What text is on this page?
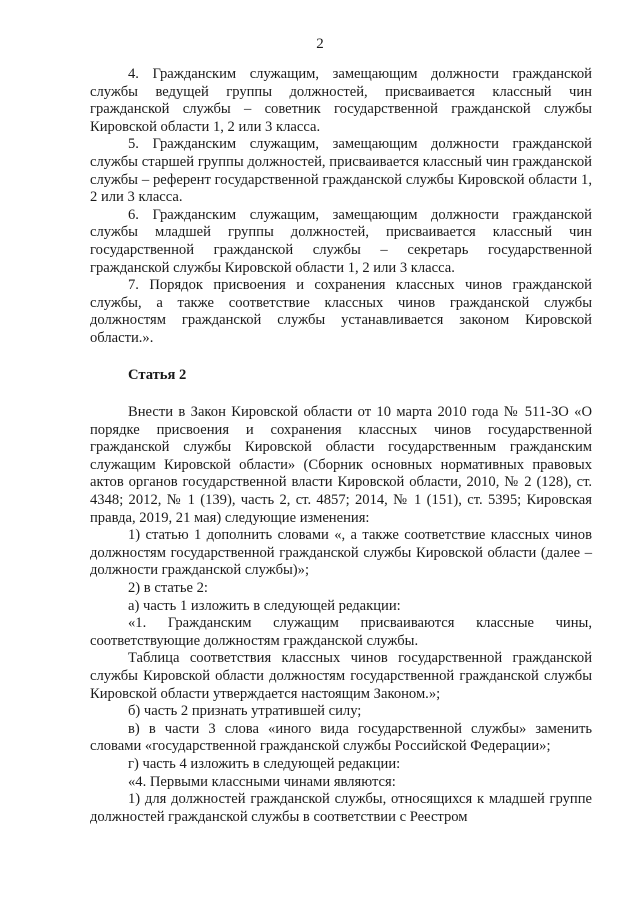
2

4. Гражданским служащим, замещающим должности гражданской службы ведущей группы должностей, присваивается классный чин гражданской службы – советник государственной гражданской службы Кировской области 1, 2 или 3 класса.

5. Гражданским служащим, замещающим должности гражданской службы старшей группы должностей, присваивается классный чин гражданской службы – референт государственной гражданской службы Кировской области 1, 2 или 3 класса.

6. Гражданским служащим, замещающим должности гражданской службы младшей группы должностей, присваивается классный чин государственной гражданской службы – секретарь государственной гражданской службы Кировской области 1, 2 или 3 класса.

7. Порядок присвоения и сохранения классных чинов гражданской службы, а также соответствие классных чинов гражданской службы должностям гражданской службы устанавливается законом Кировской области.».

Статья 2

Внести в Закон Кировской области от 10 марта 2010 года № 511-ЗО «О порядке присвоения и сохранения классных чинов государственной гражданской службы Кировской области государственным гражданским служащим Кировской области» (Сборник основных нормативных правовых актов органов государственной власти Кировской области, 2010, № 2 (128), ст. 4348; 2012, № 1 (139), часть 2, ст. 4857; 2014, № 1 (151), ст. 5395; Кировская правда, 2019, 21 мая) следующие изменения:

1) статью 1 дополнить словами «, а также соответствие классных чинов должностям государственной гражданской службы Кировской области (далее – должности гражданской службы)»;

2) в статье 2:

а) часть 1 изложить в следующей редакции:

«1. Гражданским служащим присваиваются классные чины, соответствующие должностям гражданской службы.

Таблица соответствия классных чинов государственной гражданской службы Кировской области должностям государственной гражданской службы Кировской области утверждается настоящим Законом.»;

б) часть 2 признать утратившей силу;

в) в части 3 слова «иного вида государственной службы» заменить словами «государственной гражданской службы Российской Федерации»;

г) часть 4 изложить в следующей редакции:

«4. Первыми классными чинами являются:

1) для должностей гражданской службы, относящихся к младшей группе должностей гражданской службы в соответствии с Реестром
